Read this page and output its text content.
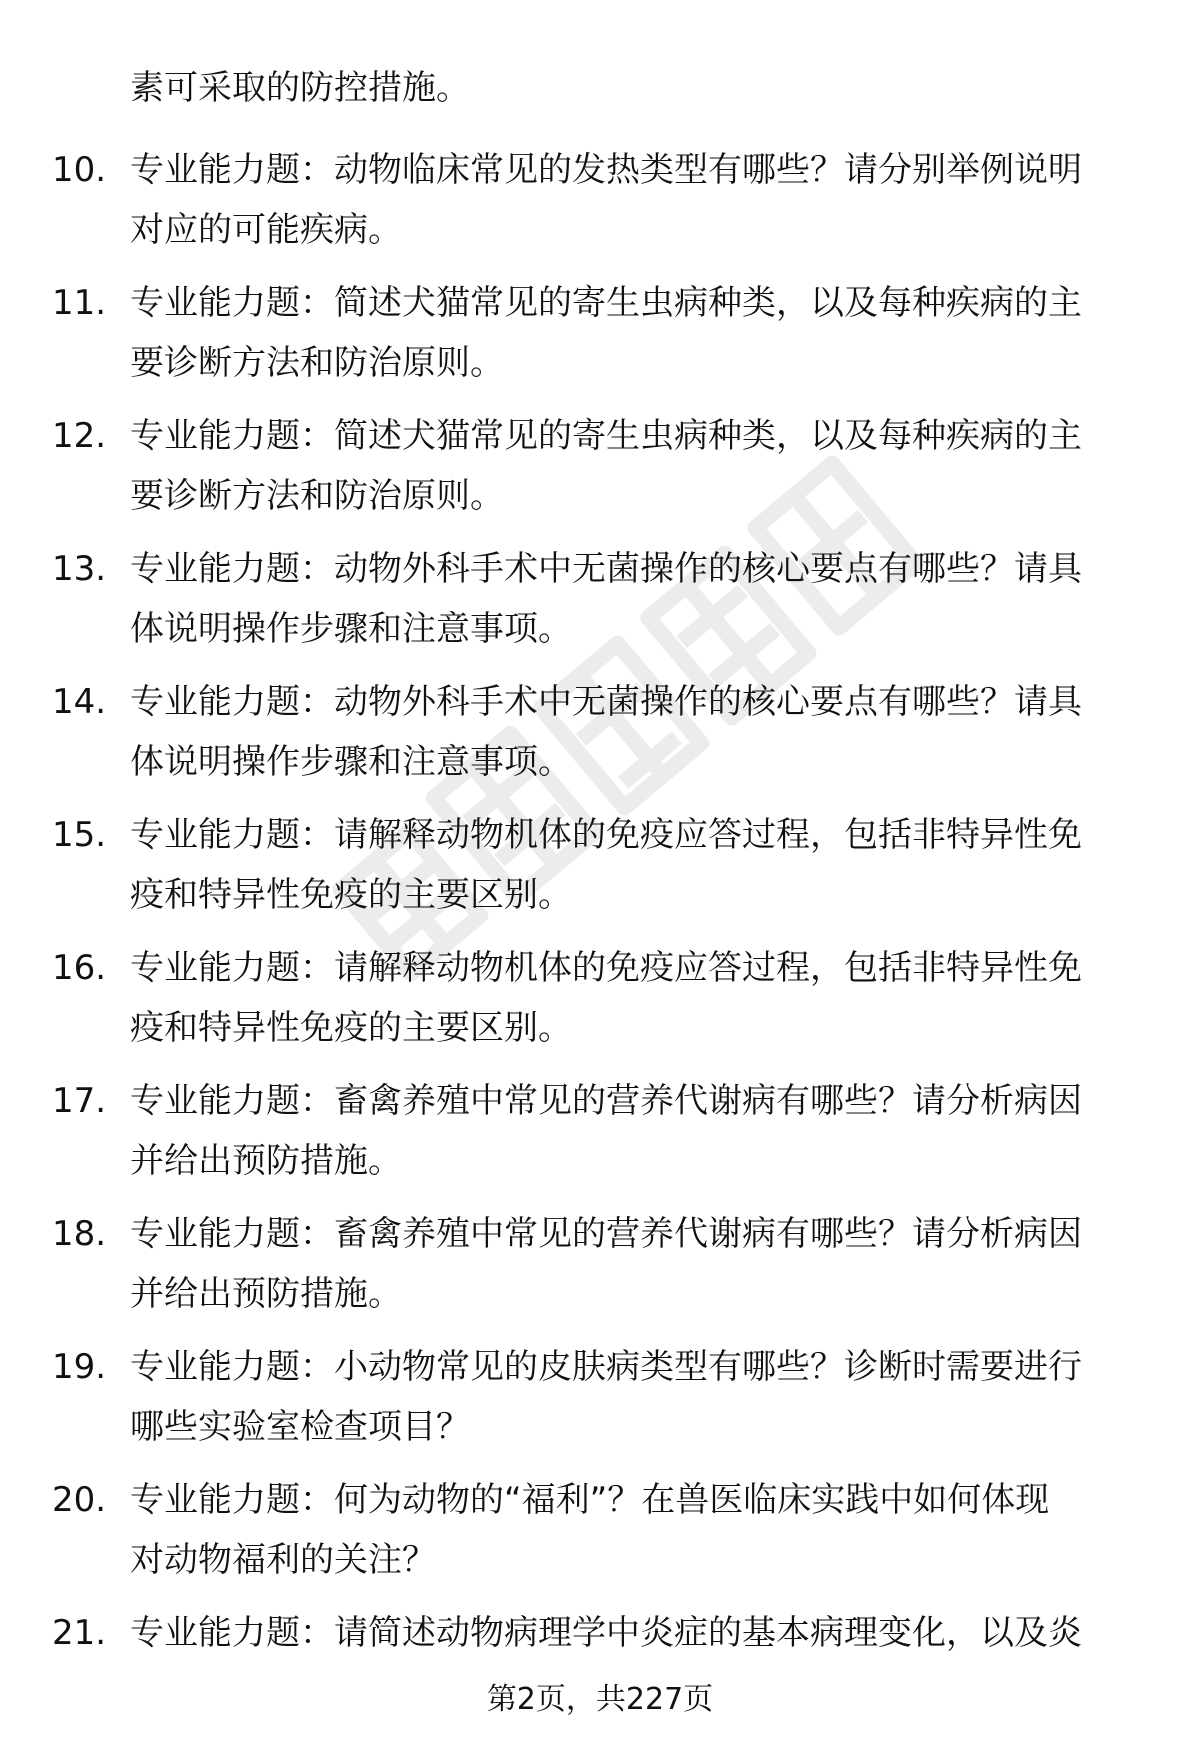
素可采取的防控措施。
10. 专业能力题：动物临床常见的发热类型有哪些？请分别举例说明
对应的可能疾病。
11. 专业能力题：简述犬猫常见的寄生虫病种类，以及每种疾病的主
要诊断方法和防治原则。
12. 专业能力题：简述犬猫常见的寄生虫病种类，以及每种疾病的主
要诊断方法和防治原则。
13. 专业能力题：动物外科手术中无菌操作的核心要点有哪些？请具
体说明操作步骤和注意事项。
14. 专业能力题：动物外科手术中无菌操作的核心要点有哪些？请具
体说明操作步骤和注意事项。
15. 专业能力题：请解释动物机体的免疫应答过程，包括非特异性免
疫和特异性免疫的主要区别。
16. 专业能力题：请解释动物机体的免疫应答过程，包括非特异性免
疫和特异性免疫的主要区别。
17. 专业能力题：畜禽养殖中常见的营养代谢病有哪些？请分析病因
并给出预防措施。
18. 专业能力题：畜禽养殖中常见的营养代谢病有哪些？请分析病因
并给出预防措施。
19. 专业能力题：小动物常见的皮肤病类型有哪些？诊断时需要进行
哪些实验室检查项目？
20. 专业能力题：何为动物的“福利”？在兽医临床实践中如何体现
对动物福利的关注？
21. 专业能力题：请简述动物病理学中炎症的基本病理变化，以及炎
第2页，共227页
